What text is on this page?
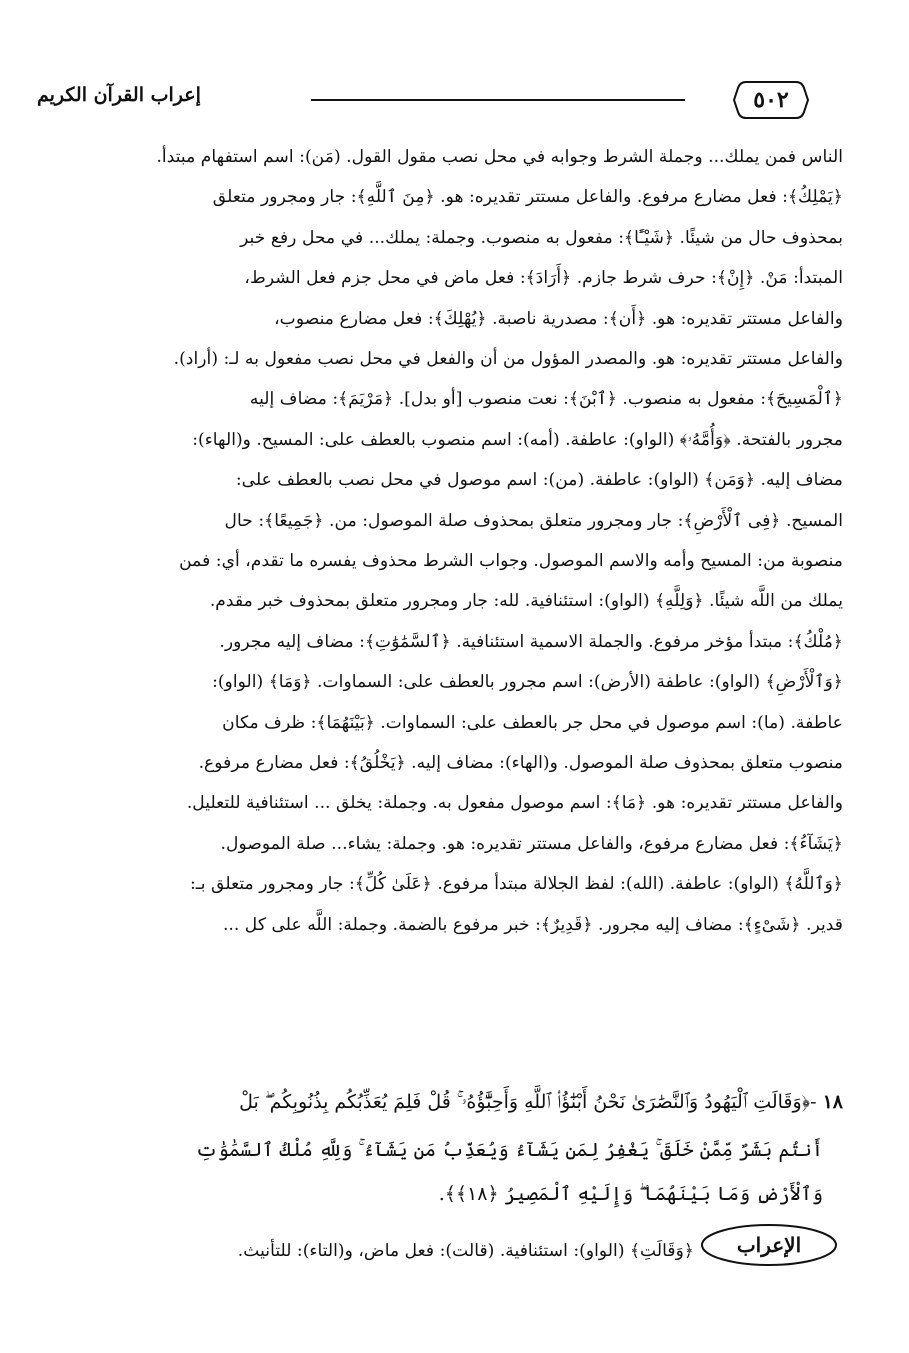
٥٠٢
إعراب القرآن الكريم
الناس فمن يملك... وجملة الشرط وجوابه في محل نصب مقول القول. (مَن): اسم استفهام مبتدأ.
﴿يَمْلِكُ﴾: فعل مضارع مرفوع. والفاعل مستتر تقديره: هو. ﴿مِنَ ٱللَّهِ﴾: جار ومجرور متعلق
بمحذوف حال من شيئًا. ﴿شَيْـًٔا﴾: مفعول به منصوب. وجملة: يملك... في محل رفع خبر
المبتدأ: مَنْ. ﴿إِنْ﴾: حرف شرط جازم. ﴿أَرَادَ﴾: فعل ماض في محل جزم فعل الشرط،
والفاعل مستتر تقديره: هو. ﴿أَن﴾: مصدرية ناصبة. ﴿يُهْلِكَ﴾: فعل مضارع منصوب،
والفاعل مستتر تقديره: هو. والمصدر المؤول من أن والفعل في محل نصب مفعول به لـ: (أراد).
﴿ٱلْمَسِيحَ﴾: مفعول به منصوب. ﴿ٱبْنَ﴾: نعت منصوب [أو بدل]. ﴿مَرْيَمَ﴾: مضاف إليه
مجرور بالفتحة. ﴿وَأُمَّهُۥ﴾ (الواو): عاطفة. (أمه): اسم منصوب بالعطف على: المسيح. و(الهاء):
مضاف إليه. ﴿وَمَن﴾ (الواو): عاطفة. (من): اسم موصول في محل نصب بالعطف على:
المسيح. ﴿فِى ٱلْأَرْضِ﴾: جار ومجرور متعلق بمحذوف صلة الموصول: من. ﴿جَمِيعًا﴾: حال
منصوبة من: المسيح وأمه والاسم الموصول. وجواب الشرط محذوف يفسره ما تقدم، أي: فمن
يملك من اللَّه شيئًا. ﴿وَلِلَّهِ﴾ (الواو): استئنافية. لله: جار ومجرور متعلق بمحذوف خبر مقدم.
﴿مُلْكُ﴾: مبتدأ مؤخر مرفوع. والجملة الاسمية استئنافية. ﴿ٱلسَّمَٰوَٰتِ﴾: مضاف إليه مجرور.
﴿وَٱلْأَرْضِ﴾ (الواو): عاطفة (الأرض): اسم مجرور بالعطف على: السماوات. ﴿وَمَا﴾ (الواو):
عاطفة. (ما): اسم موصول في محل جر بالعطف على: السماوات. ﴿بَيْنَهُمَا﴾: ظرف مكان
منصوب متعلق بمحذوف صلة الموصول. و(الهاء): مضاف إليه. ﴿يَخْلُقُ﴾: فعل مضارع مرفوع.
والفاعل مستتر تقديره: هو. ﴿مَا﴾: اسم موصول مفعول به. وجملة: يخلق ... استئنافية للتعليل.
﴿يَشَآءُ﴾: فعل مضارع مرفوع، والفاعل مستتر تقديره: هو. وجملة: يشاء... صلة الموصول.
﴿وَٱللَّهُ﴾ (الواو): عاطفة. (الله): لفظ الجلالة مبتدأ مرفوع. ﴿عَلَىٰ كُلِّ﴾: جار ومجرور متعلق بـ:
قدير. ﴿شَىْءٍ﴾: مضاف إليه مجرور. ﴿قَدِيرٌ﴾: خبر مرفوع بالضمة. وجملة: اللَّه على كل ...
١٨ -﴿وَقَالَتِ ٱلْيَهُودُ وَٱلنَّصَٰرَىٰ نَحْنُ أَبْنَٰٓؤُا۟ ٱللَّهِ وَأَحِبَّٰٓؤُهُۥ ۚ قُلْ فَلِمَ يُعَذِّبُكُم بِذُنُوبِكُم ۖ بَلْ
أَنتُم بَشَرٌ مِّمَّنْ خَلَقَ ۚ يَغْفِرُ لِمَن يَشَآءُ وَيُعَذِّبُ مَن يَشَآءُ ۚ وَلِلَّهِ مُلْكُ ٱلسَّمَٰوَٰتِ
وَٱلْأَرْضِ وَمَا بَيْنَهُمَا ۖ وَإِلَيْهِ ٱلْمَصِيرُ ﴿١٨﴾﴾.
الإعراب
﴿وَقَالَتِ﴾ (الواو): استئنافية. (قالت): فعل ماض، و(التاء): للتأنيث.
